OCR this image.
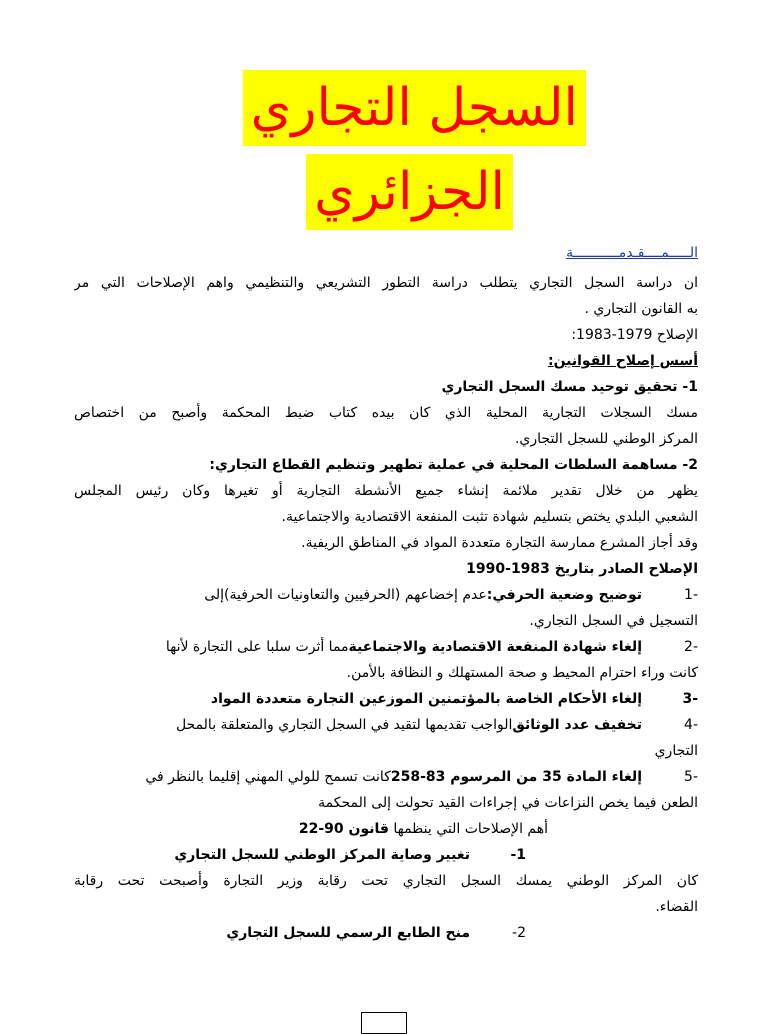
السجل التجاري
الجزائري

الـــــمــــقـدمـــــــــــة

ان دراسة السجل التجاري يتطلب دراسة التطور التشريعي والتنظيمي واهم الإصلاحات التي مر

به القانون التجاري .

الإصلاح 1979-1983:

أسس إصلاح القوانين:

1- تحقيق توحيد مسك السجل التجاري

مسك السجلات التجارية المحلية الذي كان بيده كتاب ضبط المحكمة وأصبح من اختصاص

المركز الوطني للسجل التجاري.

2- مساهمة السلطات المحلية في عملية تطهير وتنظيم القطاع التجاري:

يظهر من خلال تقدير ملائمة إنشاء جميع الأنشطة التجارية أو تغيرها وكان رئيس المجلس

الشعبي البلدي يختص بتسليم شهادة تثبت المنفعة الاقتصادية والاجتماعية.

وقد أجاز المشرع ممارسة التجارة متعددة المواد في المناطق الريفية.

الإصلاح الصادر بتاريخ 1983-1990

-1
توضيح وضعية الحرفي:
عدم إخضاعهم (الحرفيين والتعاونيات الحرفية)إلى

التسجيل في السجل التجاري.

-2
إلغاء شهادة المنفعة الاقتصادية والاجتماعية
مما أثرت سلبا على التجارة لأنها

كانت وراء احترام المحيط و صحة المستهلك و النظافة بالأمن.

-3
إلغاء الأحكام الخاصة بالمؤتمنين الموزعين التجارة متعددة المواد
-4
تخفيف عدد الوثائق
الواجب تقديمها لتقيد في السجل التجاري والمتعلقة بالمحل

التجاري

-5
إلغاء المادة 35 من المرسوم 83-258
كانت تسمح للولي المهني إقليما بالنظر في

الطعن فيما يخص النزاعات في إجراءات القيد تحولت إلى المحكمة

أهم الإصلاحات التي ينظمها قانون 90-22

1-
تغيير وصاية المركز الوطني للسجل التجاري

كان المركز الوطني يمسك السجل التجاري تحت رقابة وزير التجارة وأصبحت تحت رقابة

القضاء.

2-
منح الطابع الرسمي للسجل التجاري
